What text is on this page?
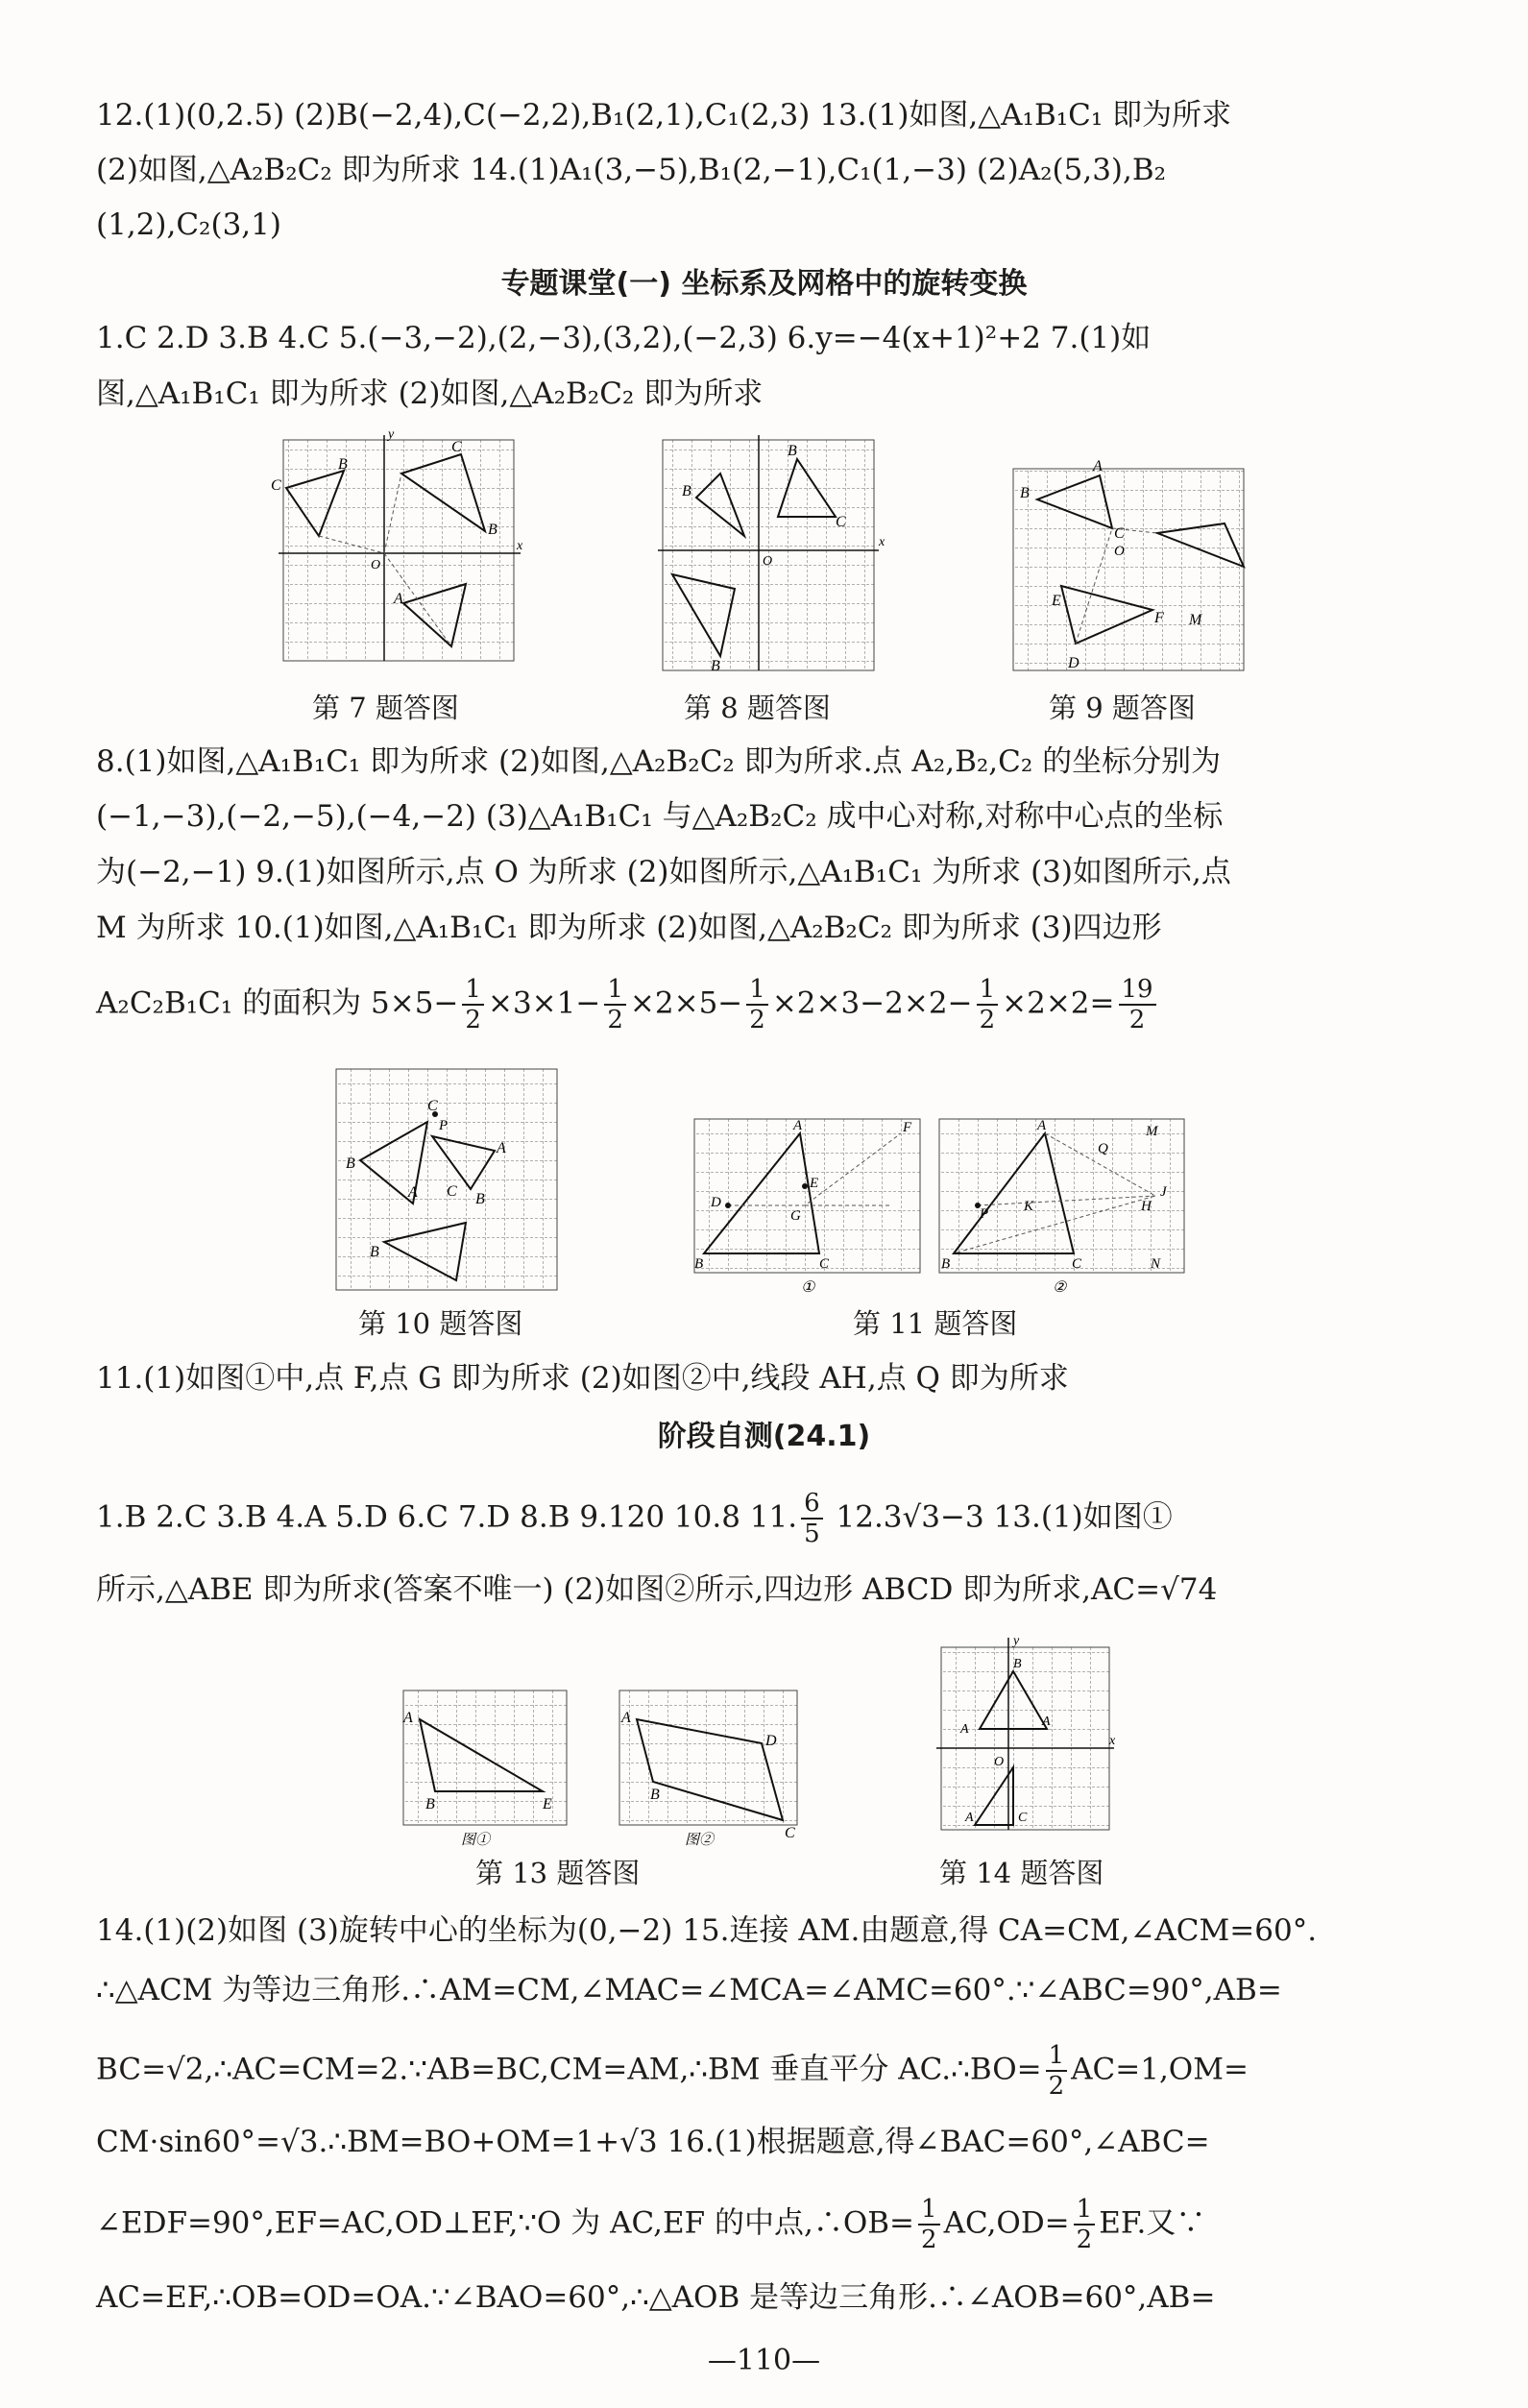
12.(1)(0,2.5) (2)B(−2,4),C(−2,2),B₁(2,1),C₁(2,3) 13.(1)如图,△A₁B₁C₁ 即为所求
(2)如图,△A₂B₂C₂ 即为所求 14.(1)A₁(3,−5),B₁(2,−1),C₁(1,−3) (2)A₂(5,3),B₂
(1,2),C₂(3,1)
专题课堂(一) 坐标系及网格中的旋转变换
1.C 2.D 3.B 4.C 5.(−3,−2),(2,−3),(3,2),(−2,3) 6.y=−4(x+1)²+2 7.(1)如
图,△A₁B₁C₁ 即为所求 (2)如图,△A₂B₂C₂ 即为所求
C
B
C
B
A
y
x
O
第 7 题答图
B
C
B
B
O
x
第 8 题答图
A
B
C
E
D
F M
O
第 9 题答图
8.(1)如图,△A₁B₁C₁ 即为所求 (2)如图,△A₂B₂C₂ 即为所求.点 A₂,B₂,C₂ 的坐标分别为
(−1,−3),(−2,−5),(−4,−2) (3)△A₁B₁C₁ 与△A₂B₂C₂ 成中心对称,对称中心点的坐标
为(−2,−1) 9.(1)如图所示,点 O 为所求 (2)如图所示,△A₁B₁C₁ 为所求 (3)如图所示,点
M 为所求 10.(1)如图,△A₁B₁C₁ 即为所求 (2)如图,△A₂B₂C₂ 即为所求 (3)四边形
A₂C₂B₁C₁ 的面积为 $5\times 5- \frac{1}{2} \times 3\times 1- \frac{1}{2} \times 2\times 5- \frac{1}{2} \times 2\times 3-2\times 2- \frac{1}{2} \times 2\times 2= \frac{19}{2}$
C
P
B
A
B
B
C
A
第 10 题答图
A
B	C
D
E
F
G
A
B	C
J
H
M
N
Q
K
P
①	②
第 11 题答图
11.(1)如图①中,点 F,点 G 即为所求 (2)如图②中,线段 AH,点 Q 即为所求
阶段自测(24.1)
1.B 2.C 3.B 4.A 5.D 6.C 7.D 8.B 9.120 10.8 11. $\frac{6}{5} 12.3√3-3$ 13.(1)如图①
所示,△ABE 即为所求(答案不唯一) (2)如图②所示,四边形 ABCD 即为所求,AC=√74
A
B	E
A
B
C
D
图①	图②
第 13 题答图
B
A
A
A	C
O
x
y
第 14 题答图
14.(1)(2)如图 (3)旋转中心的坐标为(0,−2) 15.连接 AM.由题意,得 CA=CM,∠ACM=60°.
∴△ACM 为等边三角形.∴AM=CM,∠MAC=∠MCA=∠AMC=60°.∵∠ABC=90°,AB=
BC=√2,∴AC=CM=2.∵AB=BC,CM=AM,∴BM 垂直平分 AC.∴BO= $\frac{1}{2} AC=1,OM=$
CM·sin60°=√3.∴BM=BO+OM=1+√3 16.(1)根据题意,得∠BAC=60°,∠ABC=
∠EDF=90°,EF=AC,OD⊥EF,∵O 为 AC,EF 的中点,∴OB= $\frac{1}{2} AC,OD= \frac{1}{2}$ EF.又∵
AC=EF,∴OB=OD=OA.∵∠BAO=60°,∴△AOB 是等边三角形.∴∠AOB=60°,AB=
—110—
